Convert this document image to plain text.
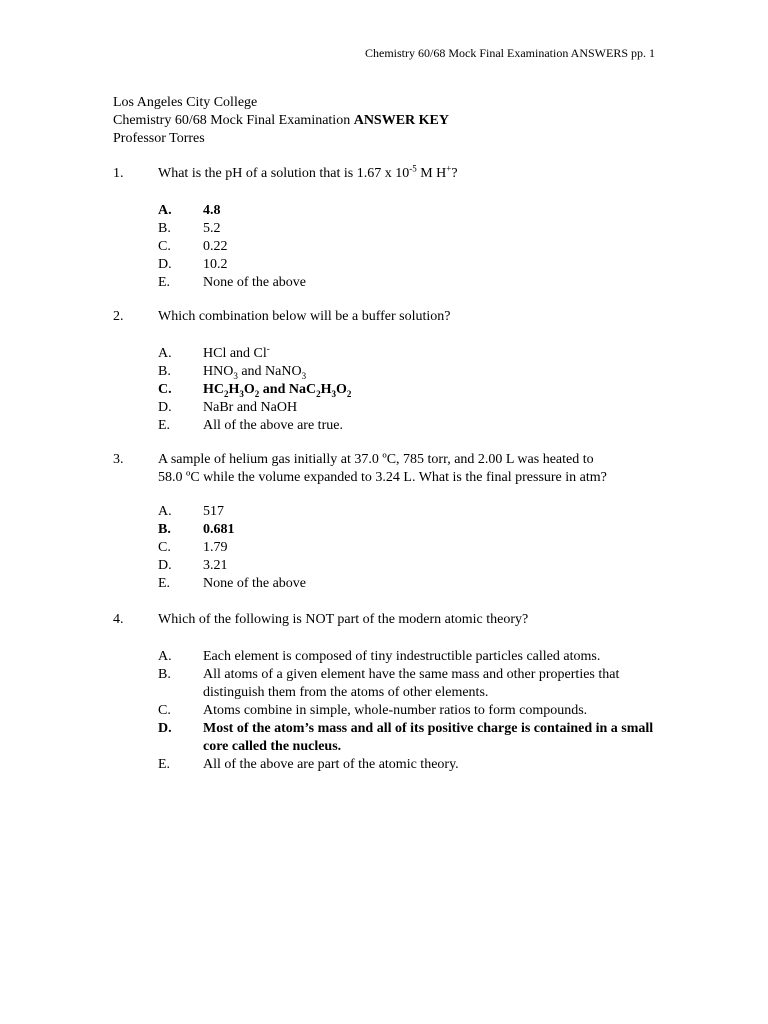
Chemistry 60/68 Mock Final Examination ANSWERS pp. 1
Los Angeles City College
Chemistry 60/68 Mock Final Examination ANSWER KEY
Professor Torres
1.	What is the pH of a solution that is 1.67 x $10^{-5}$ M H+?
A.	4.8
B.	5.2
C.	0.22
D.	10.2
E.	None of the above
2.	Which combination below will be a buffer solution?
A.	HCl and Cl-
B.	$HNO_3$ and NaNO$_3$
C.	$HC_2H_3O_2$ and $NaC_2H_3O_2$
D.	NaBr and NaOH
E.	All of the above are true.
3.	A sample of helium gas initially at 37.0 ºC, 785 torr, and 2.00 L was heated to
58.0 ºC while the volume expanded to 3.24 L. What is the final pressure in atm?
A.	517
B.	0.681
C.	1.79
D.	3.21
E.	None of the above
4.	Which of the following is NOT part of the modern atomic theory?
A.	Each element is composed of tiny indestructible particles called atoms.
B.	All atoms of a given element have the same mass and other properties that distinguish them from the atoms of other elements.
C.	Atoms combine in simple, whole-number ratios to form compounds.
D.	Most of the atom’s mass and all of its positive charge is contained in a small core called the nucleus.
E.	All of the above are part of the atomic theory.
